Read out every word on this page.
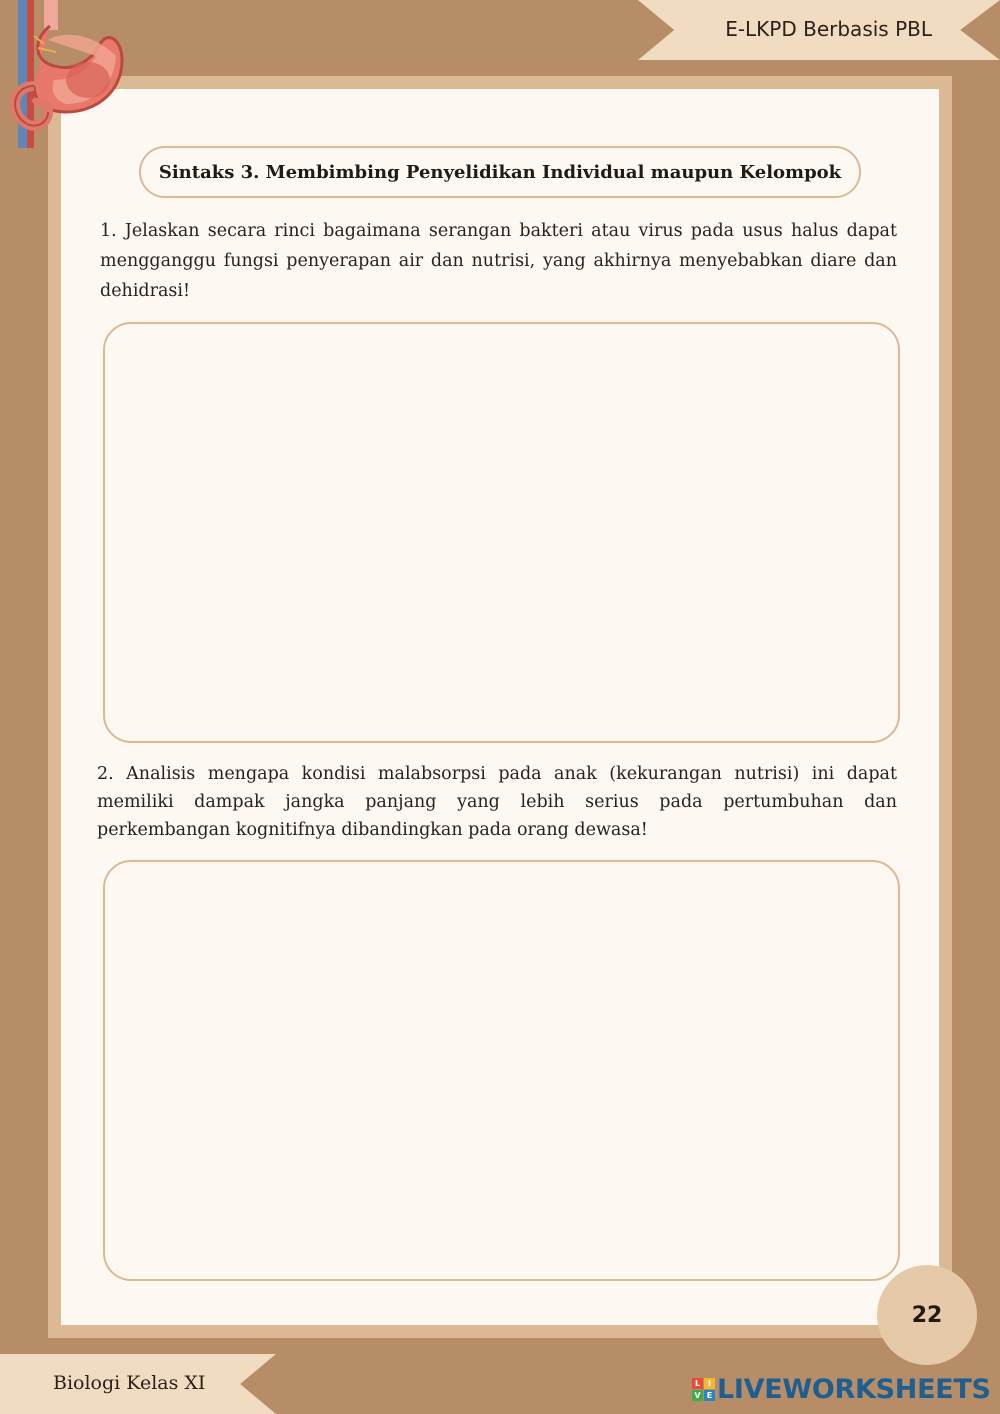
E-LKPD Berbasis PBL
Sintaks 3. Membimbing Penyelidikan Individual maupun Kelompok
1. Jelaskan secara rinci bagaimana serangan bakteri atau virus pada usus halus dapat mengganggu fungsi penyerapan air dan nutrisi, yang akhirnya menyebabkan diare dan dehidrasi!
2. Analisis mengapa kondisi malabsorpsi pada anak (kekurangan nutrisi) ini dapat memiliki dampak jangka panjang yang lebih serius pada pertumbuhan dan perkembangan kognitifnya dibandingkan pada orang dewasa!
22
Biologi Kelas XI	L I
V E LIVEWORKSHEETS
